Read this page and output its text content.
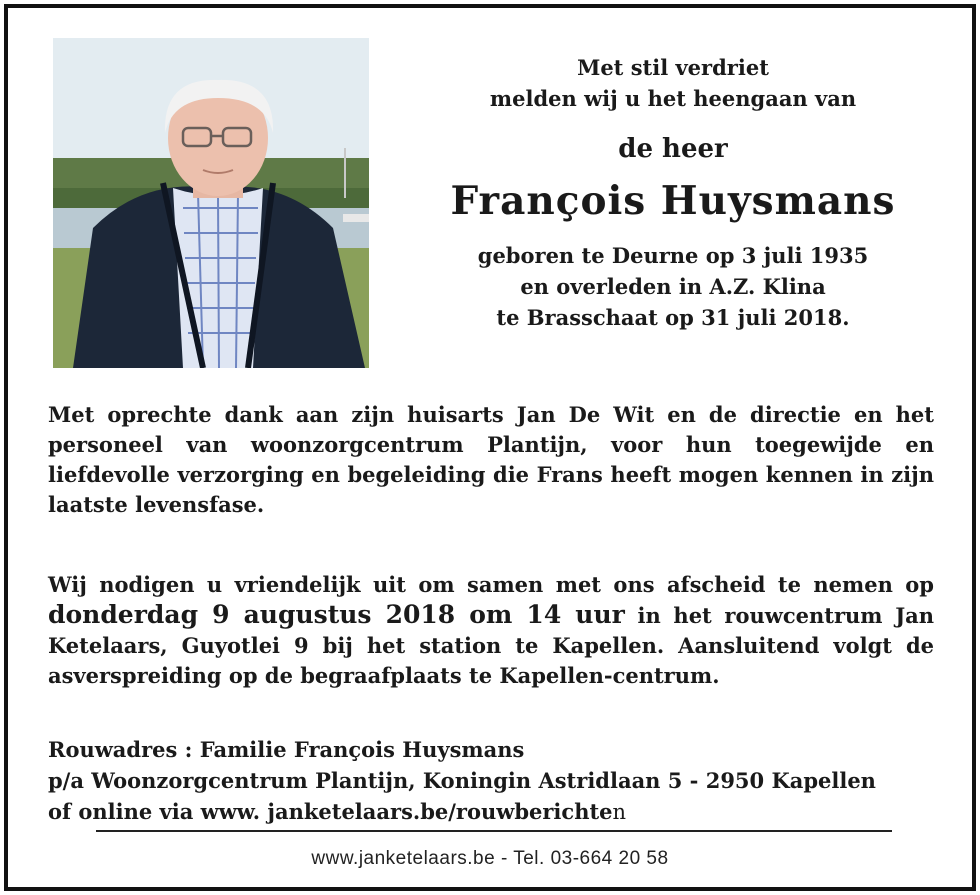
Met stil verdriet
melden wij u het heengaan van
de heer
François Huysmans
geboren te Deurne op 3 juli 1935
en overleden in A.Z. Klina
te Brasschaat op 31 juli 2018.
Met oprechte dank aan zijn huisarts Jan De Wit en de directie en het personeel van woonzorgcentrum Plantijn, voor hun toegewijde en liefdevolle verzorging en begeleiding die Frans heeft mogen kennen in zijn laatste levensfase.
Wij nodigen u vriendelijk uit om samen met ons afscheid te nemen op donderdag 9 augustus 2018 om 14 uur in het rouwcentrum Jan Ketelaars, Guyotlei 9 bij het station te Kapellen. Aansluitend volgt de asverspreiding op de begraafplaats te Kapellen-centrum.
Rouwadres : Familie François Huysmans
p/a Woonzorgcentrum Plantijn, Koningin Astridlaan 5 - 2950 Kapellen
of online via www. janketelaars.be/rouwberichten
www.janketelaars.be - Tel. 03-664 20 58
